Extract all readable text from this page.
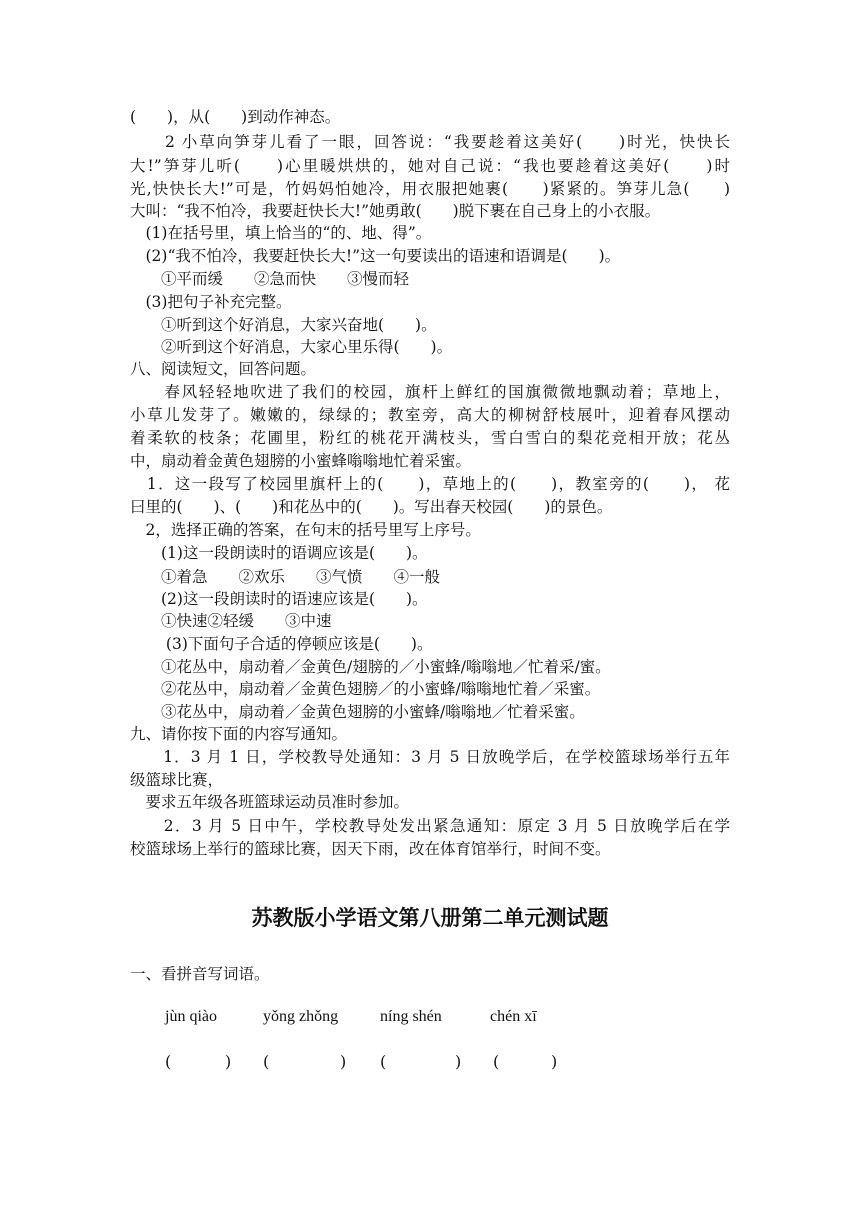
(　　)，从(　　)到动作神态。
　　2 小草向笋芽儿看了一眼，回答说：“我要趁着这美好(　　)时光，快快长
大!”笋芽儿听(　　)心里暖烘烘的，她对自己说：“我也要趁着这美好(　　)时
光,快快长大!”可是，竹妈妈怕她冷，用衣服把她裹(　　)紧紧的。笋芽儿急(　　)
大叫：“我不怕冷，我要赶快长大!”她勇敢(　　)脱下裹在自己身上的小衣服。
　(1)在括号里，填上恰当的“的、地、得”。
　(2)“我不怕冷，我要赶快长大!”这一句要读出的语速和语调是(　　)。
　　①平而缓　　②急而快　　③慢而轻
　(3)把句子补充完整。
　　①听到这个好消息，大家兴奋地(　　)。
　　②听到这个好消息，大家心里乐得(　　)。
八、阅读短文，回答问题。
　　春风轻轻地吹进了我们的校园，旗杆上鲜红的国旗微微地飘动着；草地上，
小草儿发芽了。嫩嫩的，绿绿的；教室旁，高大的柳树舒枝展叶，迎着春风摆动
着柔软的枝条；花圃里，粉红的桃花开满枝头，雪白雪白的梨花竞相开放；花丛
中，扇动着金黄色翅膀的小蜜蜂嗡嗡地忙着采蜜。
　1．这一段写了校园里旗杆上的(　　)，草地上的(　　)，教室旁的(　　)， 花
曰里的(　　)、(　　)和花丛中的(　　)。写出春天校园(　　)的景色。
　2，选择正确的答案，在句末的括号里写上序号。
　　(1)这一段朗读时的语调应该是(　　)。
　　①着急　　②欢乐　　③气愤　　④一般
　　(2)这一段朗读时的语速应该是(　　)。
　　①快速②轻缓　　③中速
　　 (3)下面句子合适的停顿应该是(　　)。
　　①花丛中，扇动着／金黄色/翅膀的／小蜜蜂/嗡嗡地／忙着采/蜜。
　　②花丛中，扇动着／金黄色翅膀／的小蜜蜂/嗡嗡地忙着／采蜜。
　　③花丛中，扇动着／金黄色翅膀的小蜜蜂/嗡嗡地／忙着采蜜。
九、请你按下面的内容写通知。
　　1．3 月 1 日，学校教导处通知：3 月 5 日放晚学后，在学校篮球场举行五年
级篮球比赛，
　要求五年级各班篮球运动员准时参加。
　　2．3 月 5 日中午，学校教导处发出紧急通知：原定 3 月 5 日放晚学后在学
校篮球场上举行的篮球比赛，因天下雨，改在体育馆举行，时间不变。
苏教版小学语文第八册第二单元测试题
一、看拼音写词语。
jùn qiào	yǒng zhǒng	níng shén	chén xī
(	) (	) (	) (	)
